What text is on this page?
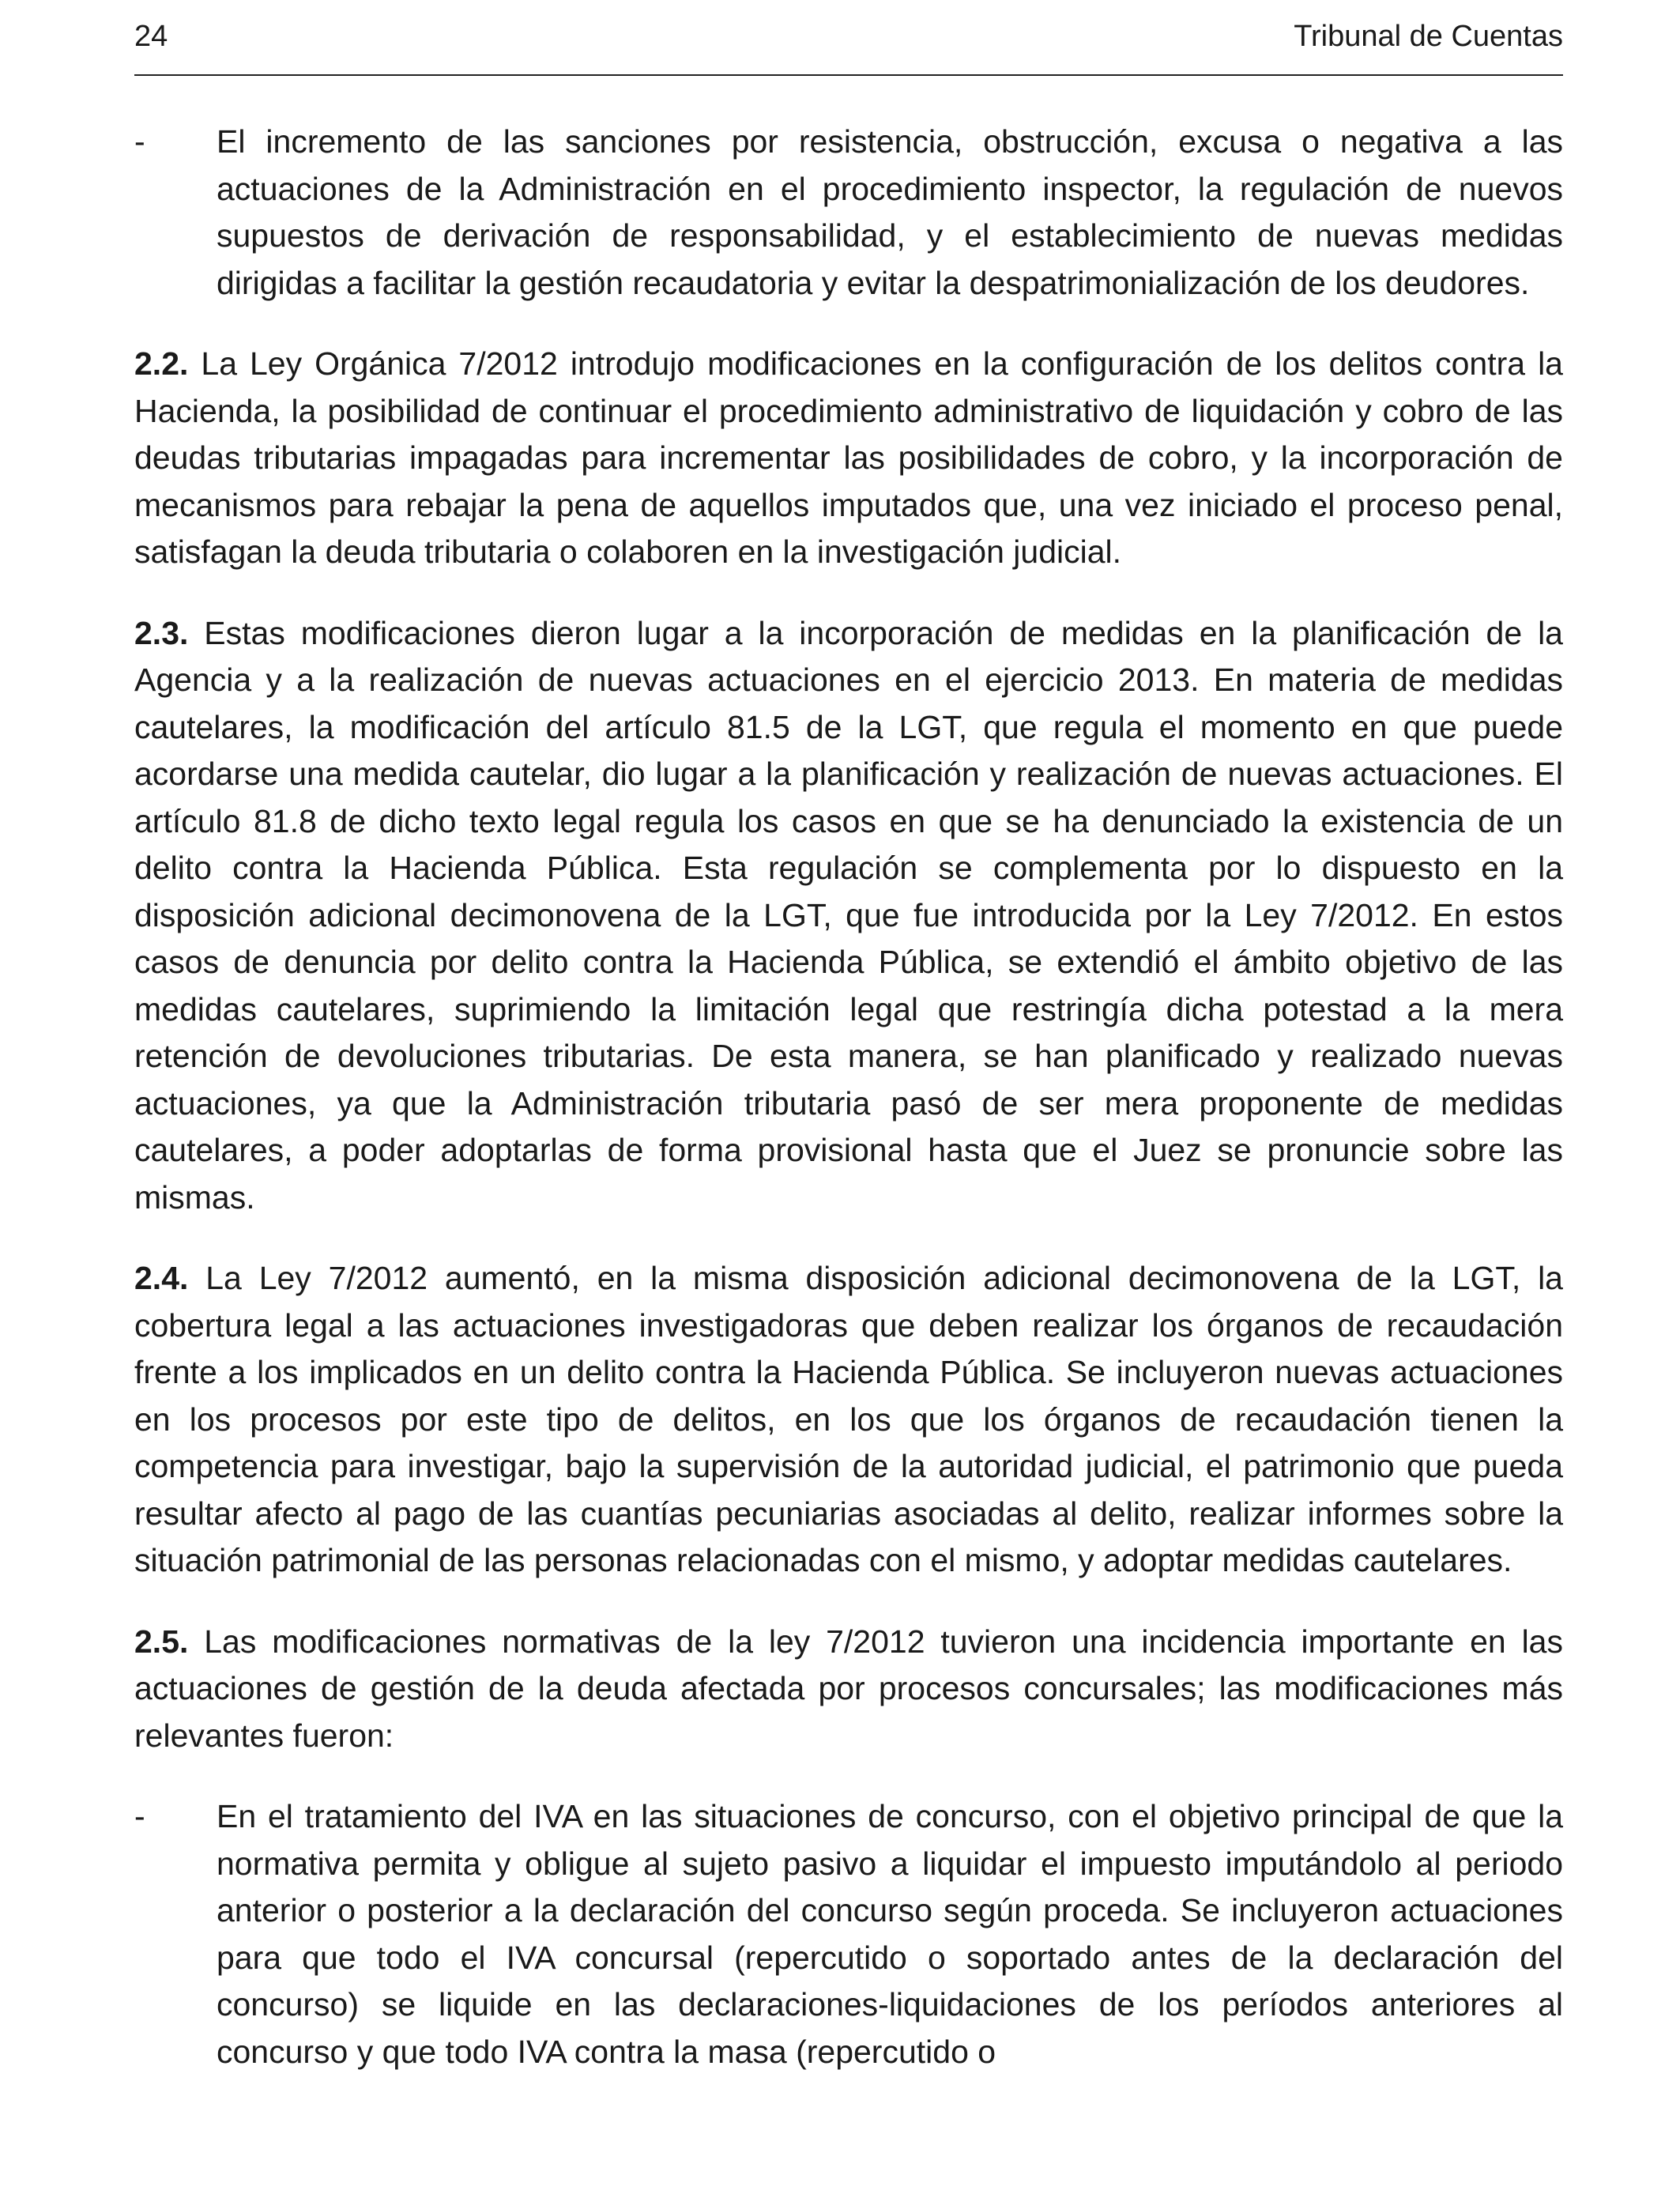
24	Tribunal de Cuentas
- El incremento de las sanciones por resistencia, obstrucción, excusa o negativa a las actuaciones de la Administración en el procedimiento inspector, la regulación de nuevos supuestos de derivación de responsabilidad, y el establecimiento de nuevas medidas dirigidas a facilitar la gestión recaudatoria y evitar la despatrimonialización de los deudores.

2.2. La Ley Orgánica 7/2012 introdujo modificaciones en la configuración de los delitos contra la Hacienda, la posibilidad de continuar el procedimiento administrativo de liquidación y cobro de las deudas tributarias impagadas para incrementar las posibilidades de cobro, y la incorporación de mecanismos para rebajar la pena de aquellos imputados que, una vez iniciado el proceso penal, satisfagan la deuda tributaria o colaboren en la investigación judicial.

2.3. Estas modificaciones dieron lugar a la incorporación de medidas en la planificación de la Agencia y a la realización de nuevas actuaciones en el ejercicio 2013. En materia de medidas cautelares, la modificación del artículo 81.5 de la LGT, que regula el momento en que puede acordarse una medida cautelar, dio lugar a la planificación y realización de nuevas actuaciones. El artículo 81.8 de dicho texto legal regula los casos en que se ha denunciado la existencia de un delito contra la Hacienda Pública. Esta regulación se complementa por lo dispuesto en la disposición adicional decimonovena de la LGT, que fue introducida por la Ley 7/2012. En estos casos de denuncia por delito contra la Hacienda Pública, se extendió el ámbito objetivo de las medidas cautelares, suprimiendo la limitación legal que restringía dicha potestad a la mera retención de devoluciones tributarias. De esta manera, se han planificado y realizado nuevas actuaciones, ya que la Administración tributaria pasó de ser mera proponente de medidas cautelares, a poder adoptarlas de forma provisional hasta que el Juez se pronuncie sobre las mismas.

2.4. La Ley 7/2012 aumentó, en la misma disposición adicional decimonovena de la LGT, la cobertura legal a las actuaciones investigadoras que deben realizar los órganos de recaudación frente a los implicados en un delito contra la Hacienda Pública. Se incluyeron nuevas actuaciones en los procesos por este tipo de delitos, en los que los órganos de recaudación tienen la competencia para investigar, bajo la supervisión de la autoridad judicial, el patrimonio que pueda resultar afecto al pago de las cuantías pecuniarias asociadas al delito, realizar informes sobre la situación patrimonial de las personas relacionadas con el mismo, y adoptar medidas cautelares.

2.5. Las modificaciones normativas de la ley 7/2012 tuvieron una incidencia importante en las actuaciones de gestión de la deuda afectada por procesos concursales; las modificaciones más relevantes fueron:

- En el tratamiento del IVA en las situaciones de concurso, con el objetivo principal de que la normativa permita y obligue al sujeto pasivo a liquidar el impuesto imputándolo al periodo anterior o posterior a la declaración del concurso según proceda. Se incluyeron actuaciones para que todo el IVA concursal (repercutido o soportado antes de la declaración del concurso) se liquide en las declaraciones-liquidaciones de los períodos anteriores al concurso y que todo IVA contra la masa (repercutido o
